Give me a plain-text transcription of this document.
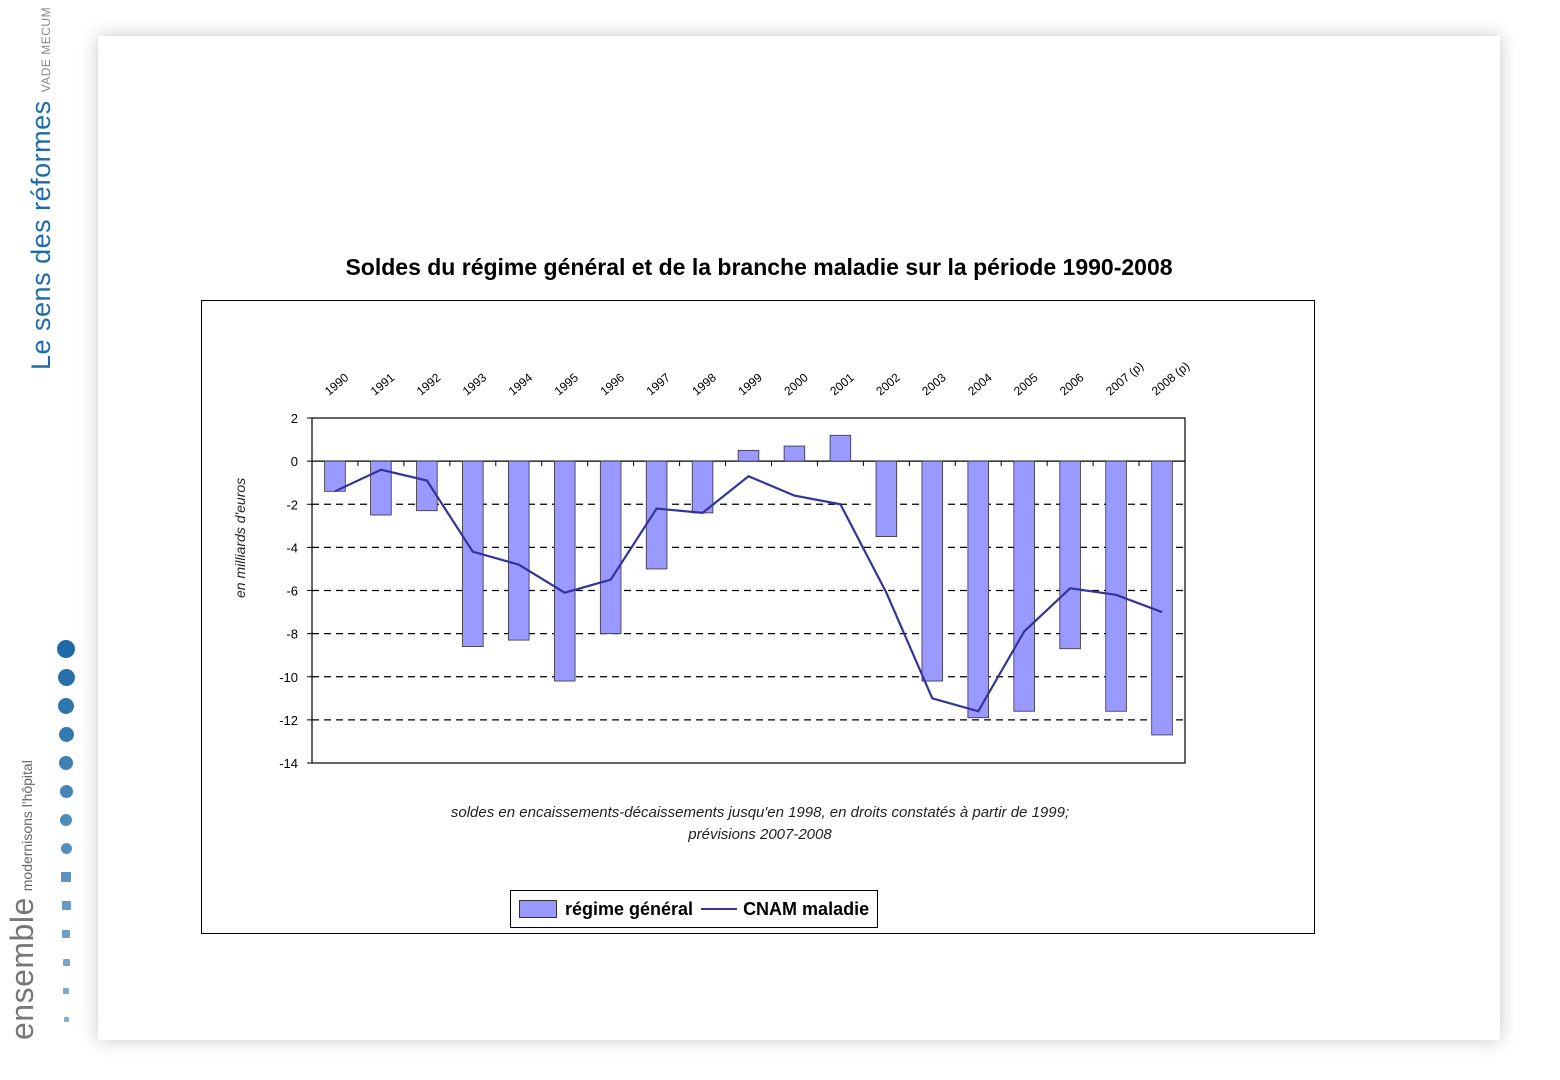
Le sens des réformes
VADE MECUM
ensemble
modernisons l'hôpital
Soldes du régime général et de la branche maladie sur la période 1990-2008
2
0
-2
-4
-6
-8
-10
-12
-14
1990 1991 1992 1993 1994 1995 1996 1997 1998 1999 2000 2001 2002 2003 2004 2005 2006 2007 (p) 2008 (p)
en milliards d'euros
soldes en encaissements-décaissements jusqu'en 1998, en droits constatés à partir de 1999;
prévisions 2007-2008
régime général	CNAM maladie
